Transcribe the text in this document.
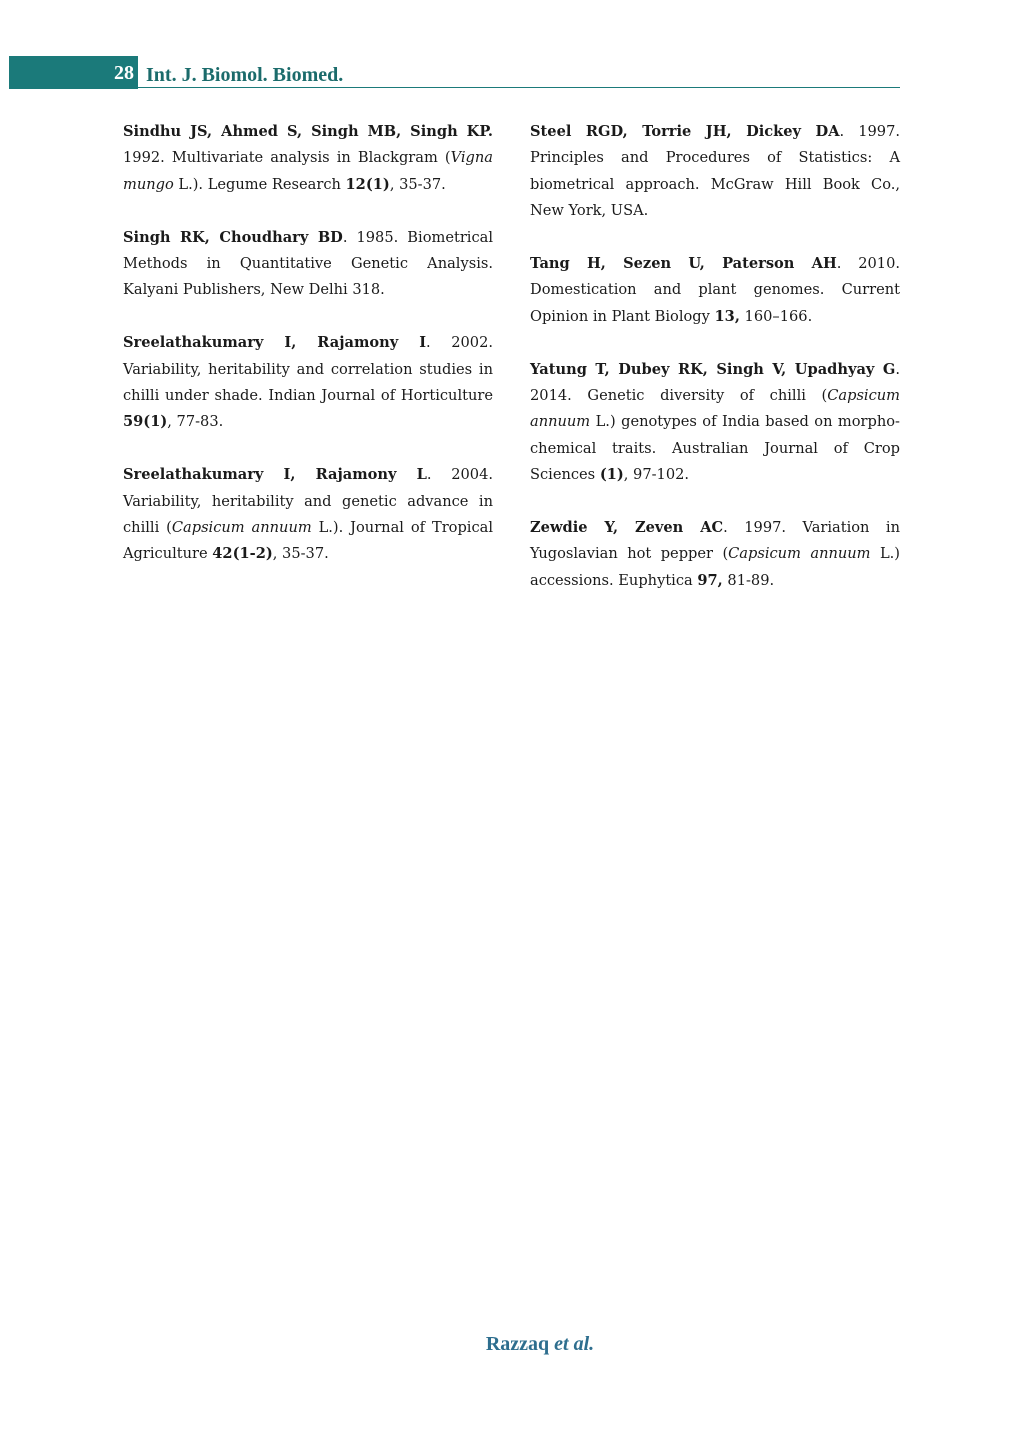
28 Int. J. Biomol. Biomed.

Sindhu JS, Ahmed S, Singh MB, Singh KP. 1992. Multivariate analysis in Blackgram (Vigna mungo L.). Legume Research 12(1), 35-37.

Singh RK, Choudhary BD. 1985. Biometrical Methods in Quantitative Genetic Analysis. Kalyani Publishers, New Delhi 318.

Sreelathakumary I, Rajamony I. 2002. Variability, heritability and correlation studies in chilli under shade. Indian Journal of Horticulture 59(1), 77-83.

Sreelathakumary I, Rajamony L. 2004. Variability, heritability and genetic advance in chilli (Capsicum annuum L.). Journal of Tropical Agriculture 42(1-2), 35-37.

Steel RGD, Torrie JH, Dickey DA. 1997. Principles and Procedures of Statistics: A biometrical approach. McGraw Hill Book Co., New York, USA.

Tang H, Sezen U, Paterson AH. 2010. Domestication and plant genomes. Current Opinion in Plant Biology 13, 160–166.

Yatung T, Dubey RK, Singh V, Upadhyay G. 2014. Genetic diversity of chilli (Capsicum annuum L.) genotypes of India based on morpho-chemical traits. Australian Journal of Crop Sciences (1), 97-102.

Zewdie Y, Zeven AC. 1997. Variation in Yugoslavian hot pepper (Capsicum annuum L.) accessions. Euphytica 97, 81-89.

Razzaq et al.
